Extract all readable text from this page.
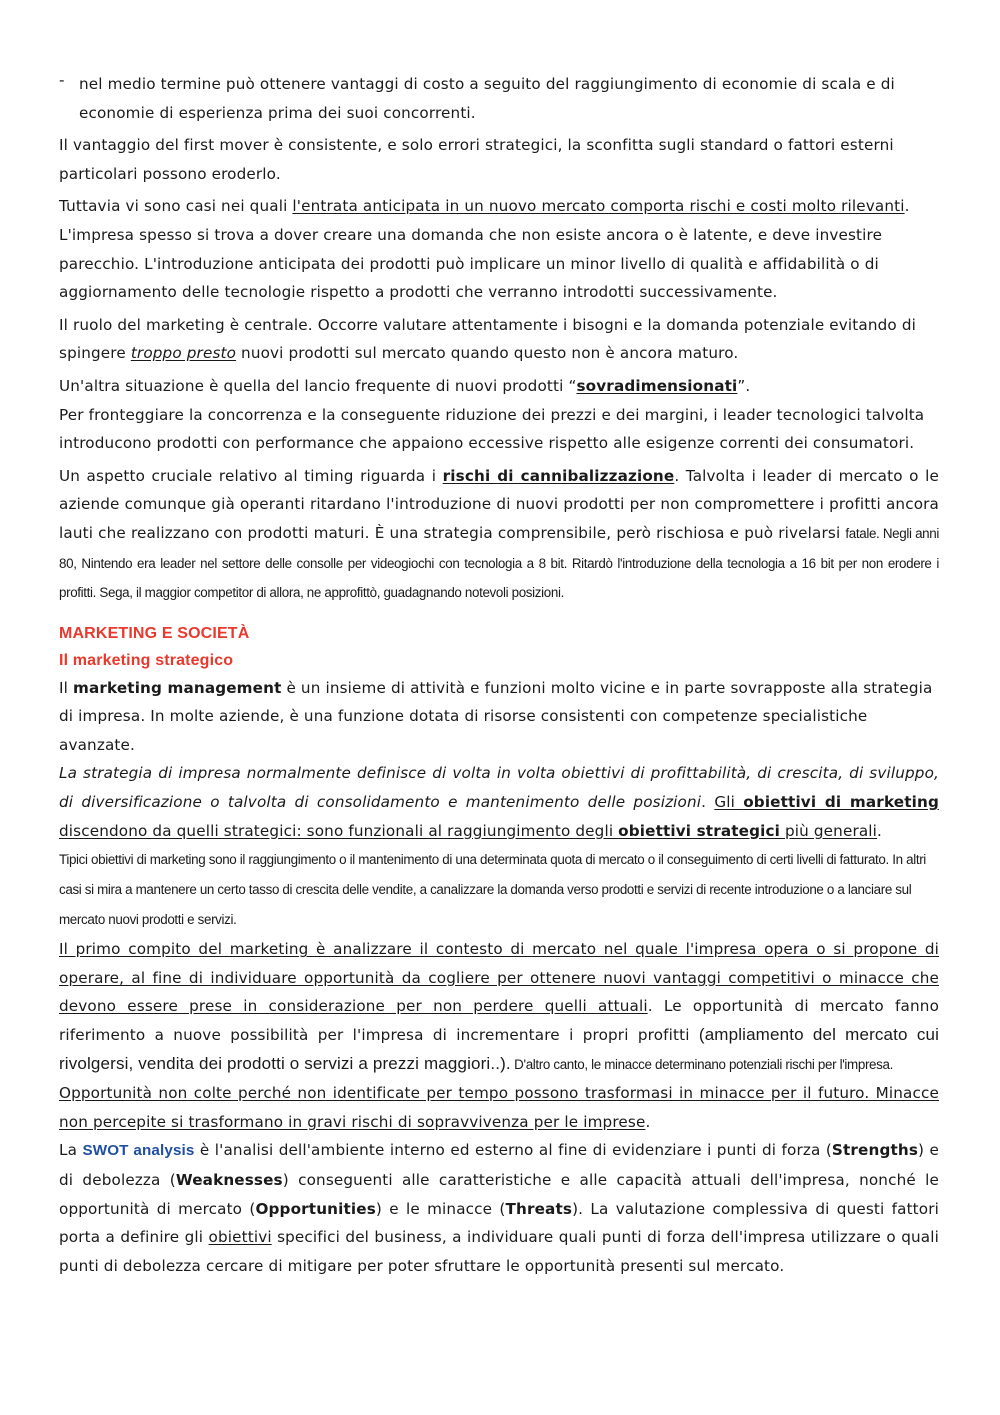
- nel medio termine può ottenere vantaggi di costo a seguito del raggiungimento di economie di scala e di economie di esperienza prima dei suoi concorrenti.

Il vantaggio del first mover è consistente, e solo errori strategici, la sconfitta sugli standard o fattori esterni particolari possono eroderlo.

Tuttavia vi sono casi nei quali l'entrata anticipata in un nuovo mercato comporta rischi e costi molto rilevanti. L'impresa spesso si trova a dover creare una domanda che non esiste ancora o è latente, e deve investire parecchio. L'introduzione anticipata dei prodotti può implicare un minor livello di qualità e affidabilità o di aggiornamento delle tecnologie rispetto a prodotti che verranno introdotti successivamente.

Il ruolo del marketing è centrale. Occorre valutare attentamente i bisogni e la domanda potenziale evitando di spingere troppo presto nuovi prodotti sul mercato quando questo non è ancora maturo.

Un'altra situazione è quella del lancio frequente di nuovi prodotti “sovradimensionati”.
Per fronteggiare la concorrenza e la conseguente riduzione dei prezzi e dei margini, i leader tecnologici talvolta introducono prodotti con performance che appaiono eccessive rispetto alle esigenze correnti dei consumatori.

Un aspetto cruciale relativo al timing riguarda i rischi di cannibalizzazione. Talvolta i leader di mercato o le aziende comunque già operanti ritardano l'introduzione di nuovi prodotti per non compromettere i profitti ancora lauti che realizzano con prodotti maturi. È una strategia comprensibile, però rischiosa e può rivelarsi fatale. Negli anni 80, Nintendo era leader nel settore delle consolle per videogiochi con tecnologia a 8 bit. Ritardò l'introduzione della tecnologia a 16 bit per non erodere i profitti. Sega, il maggior competitor di allora, ne approfittò, guadagnando notevoli posizioni.

MARKETING E SOCIETÀ

Il marketing strategico

Il marketing management è un insieme di attività e funzioni molto vicine e in parte sovrapposte alla strategia di impresa. In molte aziende, è una funzione dotata di risorse consistenti con competenze specialistiche avanzate.

La strategia di impresa normalmente definisce di volta in volta obiettivi di profittabilità, di crescita, di sviluppo, di diversificazione o talvolta di consolidamento e mantenimento delle posizioni. Gli obiettivi di marketing discendono da quelli strategici: sono funzionali al raggiungimento degli obiettivi strategici più generali.

Tipici obiettivi di marketing sono il raggiungimento o il mantenimento di una determinata quota di mercato o il conseguimento di certi livelli di fatturato. In altri casi si mira a mantenere un certo tasso di crescita delle vendite, a canalizzare la domanda verso prodotti e servizi di recente introduzione o a lanciare sul mercato nuovi prodotti e servizi.

Il primo compito del marketing è analizzare il contesto di mercato nel quale l'impresa opera o si propone di operare, al fine di individuare opportunità da cogliere per ottenere nuovi vantaggi competitivi o minacce che devono essere prese in considerazione per non perdere quelli attuali. Le opportunità di mercato fanno riferimento a nuove possibilità per l'impresa di incrementare i propri profitti (ampliamento del mercato cui rivolgersi, vendita dei prodotti o servizi a prezzi maggiori..). D'altro canto, le minacce determinano potenziali rischi per l'impresa.

Opportunità non colte perché non identificate per tempo possono trasformasi in minacce per il futuro. Minacce non percepite si trasformano in gravi rischi di sopravvivenza per le imprese.

La SWOT analysis è l'analisi dell'ambiente interno ed esterno al fine di evidenziare i punti di forza (Strengths) e di debolezza (Weaknesses) conseguenti alle caratteristiche e alle capacità attuali dell'impresa, nonché le opportunità di mercato (Opportunities) e le minacce (Threats). La valutazione complessiva di questi fattori porta a definire gli obiettivi specifici del business, a individuare quali punti di forza dell'impresa utilizzare o quali punti di debolezza cercare di mitigare per poter sfruttare le opportunità presenti sul mercato.
